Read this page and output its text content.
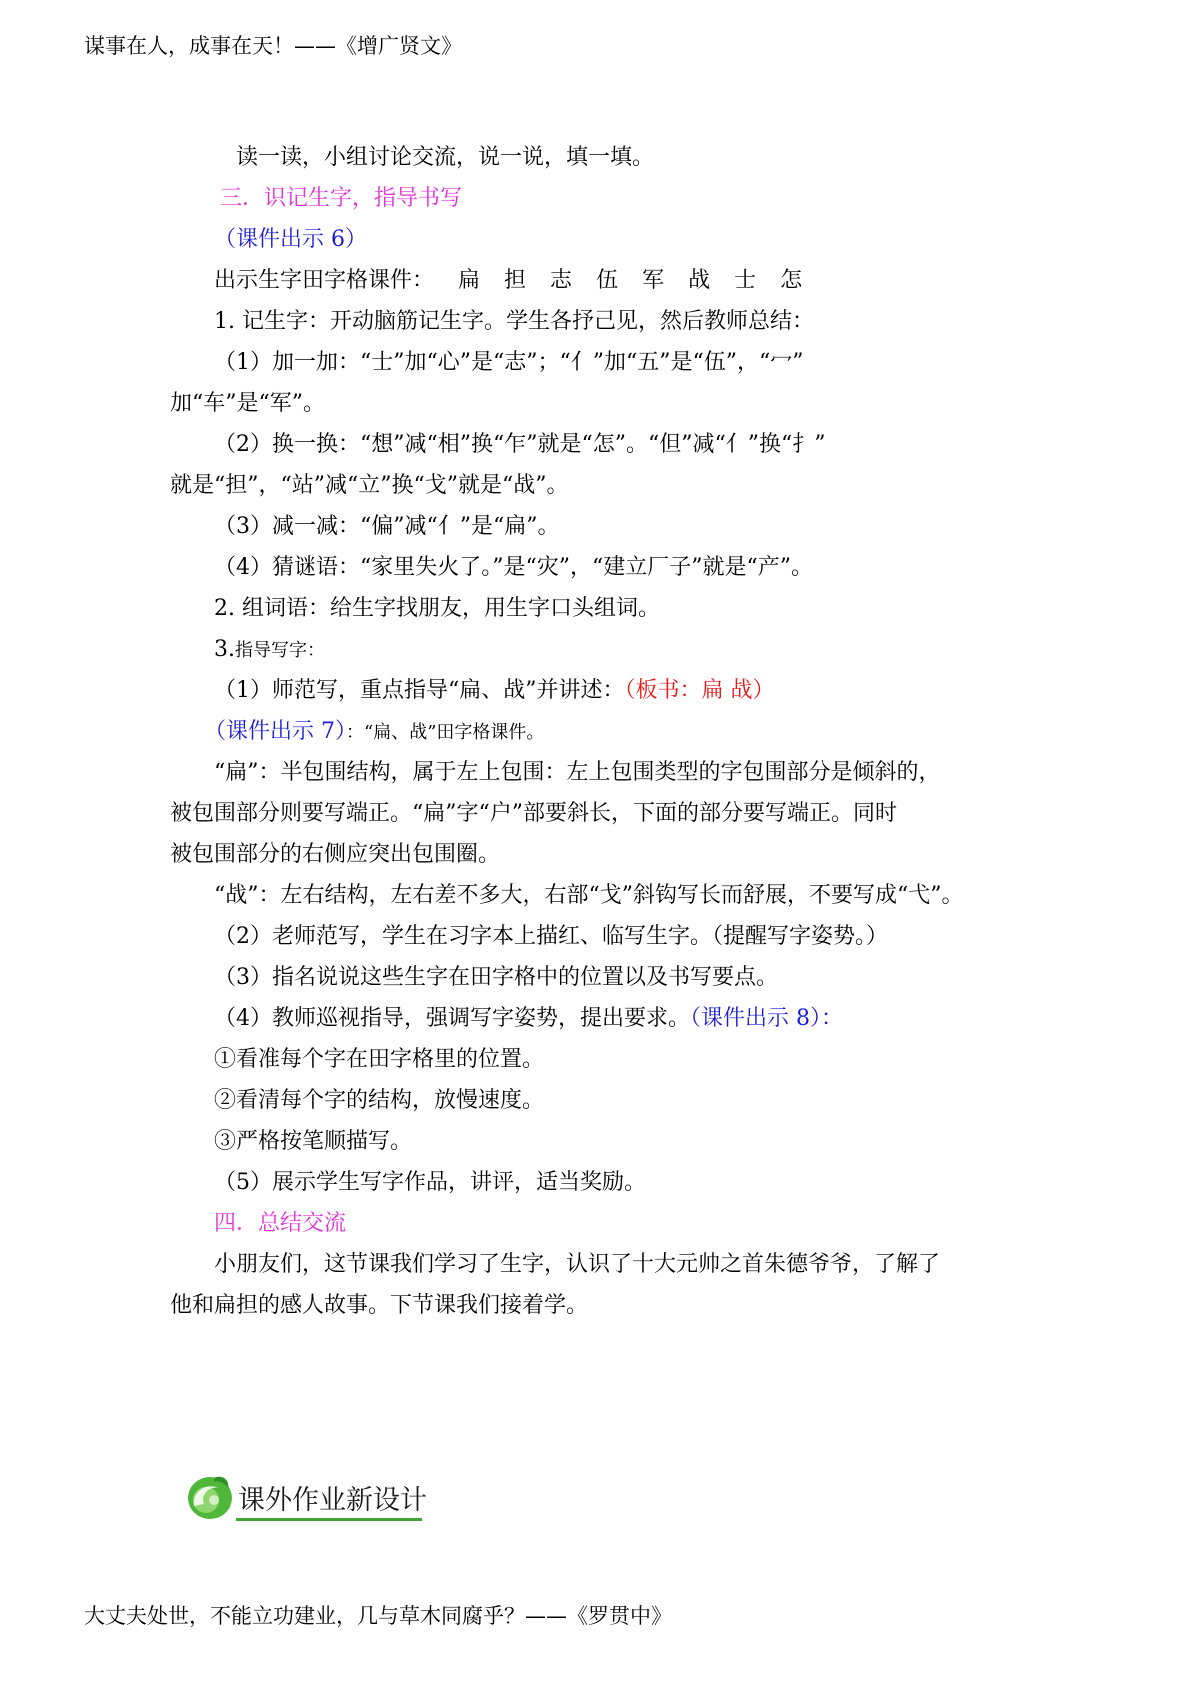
谋事在人，成事在天！——《增广贤文》
读一读，小组讨论交流，说一说，填一填。
三．识记生字，指导书写
（课件出示 6）
出示生字田字格课件： 扁 担 志 伍 军 战 士 怎
1. 记生字：开动脑筋记生字。学生各抒己见，然后教师总结：
（1）加一加：“士”加“心”是“志”；“亻”加“五”是“伍”，“冖”
加“车”是“军”。
（2）换一换：“想”减“相”换“乍”就是“怎”。“但”减“亻”换“扌”
就是“担”，“站”减“立”换“戈”就是“战”。
（3）减一减：“偏”减“亻”是“扁”。
（4）猜谜语：“家里失火了。”是“灾”，“建立厂子”就是“产”。
2. 组词语：给生字找朋友，用生字口头组词。
3.指导写字：
（1）师范写，重点指导“扁、战”并讲述：（板书：扁 战）
（课件出示 7）：“扁、战”田字格课件。
“扁”：半包围结构，属于左上包围：左上包围类型的字包围部分是倾斜的，
被包围部分则要写端正。“扁”字“户”部要斜长，下面的部分要写端正。同时
被包围部分的右侧应突出包围圈。
“战”：左右结构，左右差不多大，右部“戈”斜钩写长而舒展，不要写成“弋”。
（2）老师范写，学生在习字本上描红、临写生字。（提醒写字姿势。）
（3）指名说说这些生字在田字格中的位置以及书写要点。
（4）教师巡视指导，强调写字姿势，提出要求。（课件出示 8）：
①看准每个字在田字格里的位置。
②看清每个字的结构，放慢速度。
③严格按笔顺描写。
（5）展示学生写字作品，讲评，适当奖励。
四．总结交流
小朋友们，这节课我们学习了生字，认识了十大元帅之首朱德爷爷，了解了
他和扁担的感人故事。下节课我们接着学。
课外作业新设计
大丈夫处世，不能立功建业，几与草木同腐乎？——《罗贯中》
